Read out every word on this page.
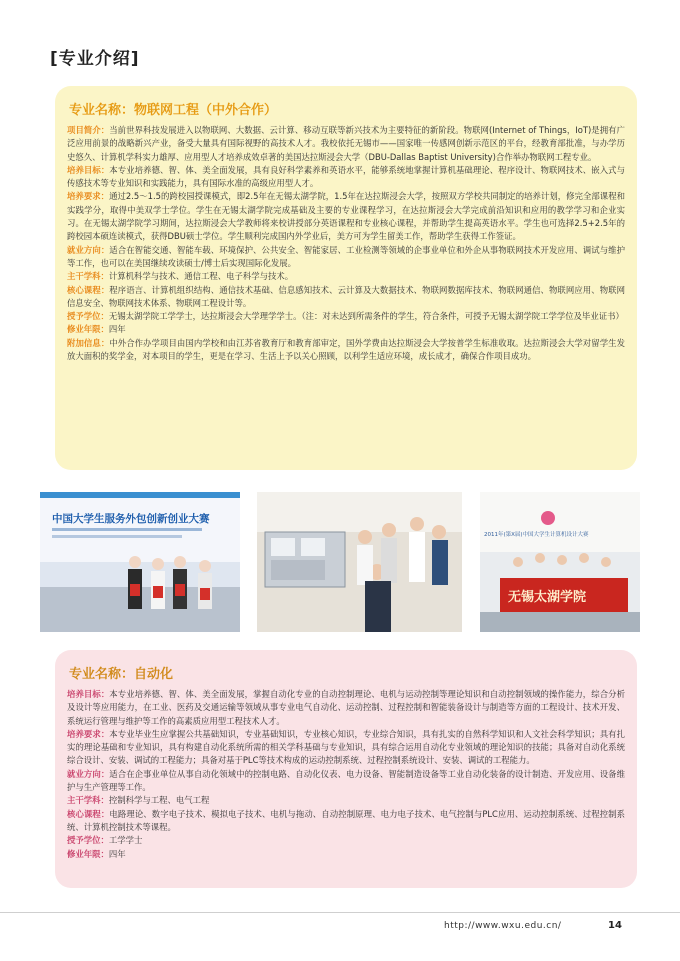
[专业介绍]

专业名称：物联网工程（中外合作）

项目简介：当前世界科技发展进入以物联网、大数据、云计算、移动互联等新兴技术为主要特征的新阶段。物联网(Internet of Things，IoT)是拥有广泛应用前景的战略新兴产业，备受大量具有国际视野的高技术人才。我校依托无锡市——国家唯一传感网创新示范区的平台，经教育部批准，与办学历史悠久、计算机学科实力雄厚、应用型人才培养成效卓著的美国达拉斯浸会大学（DBU-Dallas Baptist University)合作举办物联网工程专业。

培养目标：本专业培养德、智、体、美全面发展，具有良好科学素养和英语水平，能够系统地掌握计算机基础理论、程序设计、物联网技术、嵌入式与传感技术等专业知识和实践能力，具有国际水准的高级应用型人才。

培养要求：通过2.5～1.5的跨校园授课模式，即2.5年在无锡太湖学院，1.5年在达拉斯浸会大学，按照双方学校共同制定的培养计划，修完全部课程和实践学分，取得中美双学士学位。学生在无锡太湖学院完成基础及主要的专业课程学习，在达拉斯浸会大学完成前沿知识和应用的教学学习和企业实习。在无锡太湖学院学习期间，达拉斯浸会大学教师将来校讲授部分英语课程和专业核心课程，并帮助学生提高英语水平。学生也可选择2.5+2.5年的跨校园本硕连读模式，获得DBU硕士学位。学生顺利完成国内外学业后，美方可为学生留美工作，帮助学生获得工作签证。

就业方向：适合在智能交通、智能车载、环境保护、公共安全、智能家居、工业检测等领域的企事业单位和外企从事物联网技术开发应用、调试与维护等工作，也可以在美国继续攻读硕士/博士后实现国际化发展。

主干学科：计算机科学与技术、通信工程、电子科学与技术。

核心课程：程序语言、计算机组织结构、通信技术基础、信息感知技术、云计算及大数据技术、物联网数据库技术、物联网通信、物联网应用、物联网信息安全、物联网技术体系、物联网工程设计等。

授予学位：无锡太湖学院工学学士，达拉斯浸会大学理学学士。（注：对未达到所需条件的学生，符合条件，可授予无锡太湖学院工学学位及毕业证书）

修业年限：四年

附加信息：中外合作办学项目由国内学校和由江苏省教育厅和教育部审定，国外学费由达拉斯浸会大学按普学生标准收取。达拉斯浸会大学对留学生发放大面积的奖学金，对本项目的学生，更是在学习、生活上予以关心照顾，以利学生适应环境，成长成才，确保合作项目成功。

中国大学生服务外包创新创业大赛
2011年(第X届)中国大学生计算机设计大赛
无锡太湖学院

专业名称：自动化

培养目标：本专业培养德、智、体、美全面发展，掌握自动化专业的自动控制理论、电机与运动控制等理论知识和自动控制领域的操作能力，综合分析及设计等应用能力，在工业、医药及交通运输等领域从事专业电气自动化、运动控制、过程控制和智能装备设计与制造等方面的工程设计、技术开发、系统运行管理与维护等工作的高素质应用型工程技术人才。

培养要求：本专业毕业生应掌握公共基础知识，专业基础知识，专业核心知识，专业综合知识，具有扎实的自然科学知识和人文社会科学知识；具有扎实的理论基础和专业知识，具有构建自动化系统所需的相关学科基础与专业知识，具有综合运用自动化专业领域的理论知识的技能；具备对自动化系统综合设计、安装、调试的工程能力；具备对基于PLC等技术构成的运动控制系统、过程控制系统设计、安装、调试的工程能力。

就业方向：适合在企事业单位从事自动化领域中的控制电路、自动化仪表、电力设备、智能制造设备等工业自动化装备的设计制造、开发应用、设备维护与生产管理等工作。

主干学科：控制科学与工程、电气工程

核心课程：电路理论、数字电子技术、模拟电子技术、电机与拖动、自动控制原理、电力电子技术、电气控制与PLC应用、运动控制系统、过程控制系统、计算机控制技术等课程。

授予学位：工学学士

修业年限：四年

http://www.wxu.edu.cn/	14
